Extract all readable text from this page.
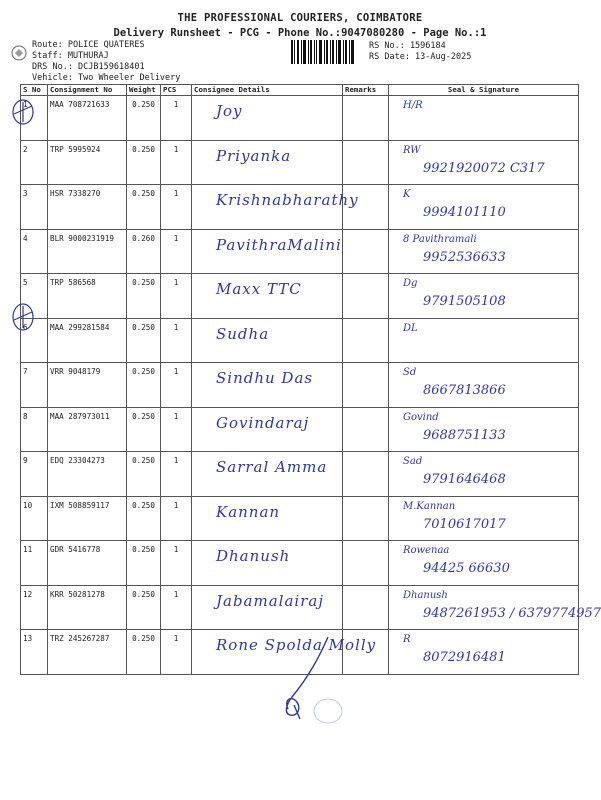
THE PROFESSIONAL COURIERS, COIMBATORE
Delivery Runsheet - PCG - Phone No.:9047080280 - Page No.:1
Route: POLICE QUATERES
Staff: MUTHURAJ
DRS No.: DCJB159618401
Vehicle: Two Wheeler Delivery
RS No.: 1596184
RS Date: 13-Aug-2025
S No	Consignment No	Weight	PCS	Consignee Details	Remarks	Seal & Signature
1	MAA 708721633	0.250	1	Joy		H/R

2	TRP 5995924	0.250	1	Priyanka		RW
9921920072 C317

3	HSR 7338270	0.250	1	Krishnabharathy		K
9994101110

4	BLR 9000231919	0.260	1	PavithraMalini		8 Pavithramali
9952536633

5	TRP 586568	0.250	1	Maxx TTC		Dg
9791505108

6	MAA 299281584	0.250	1	Sudha		DL

7	VRR 9048179	0.250	1	Sindhu Das		Sd
8667813866

8	MAA 287973011	0.250	1	Govindaraj		Govind
9688751133

9	EDQ 23304273	0.250	1	Sarral Amma		Sad
9791646468

10	IXM 508859117	0.250	1	Kannan		M.Kannan
7010617017

11	GDR 5416778	0.250	1	Dhanush		Rowenaa
94425 66630

12	KRR 50281278	0.250	1	Jabamalairaj		Dhanush
9487261953 / 6379774957

13	TRZ 245267287	0.250	1	Rone Spolda Molly		R
8072916481
